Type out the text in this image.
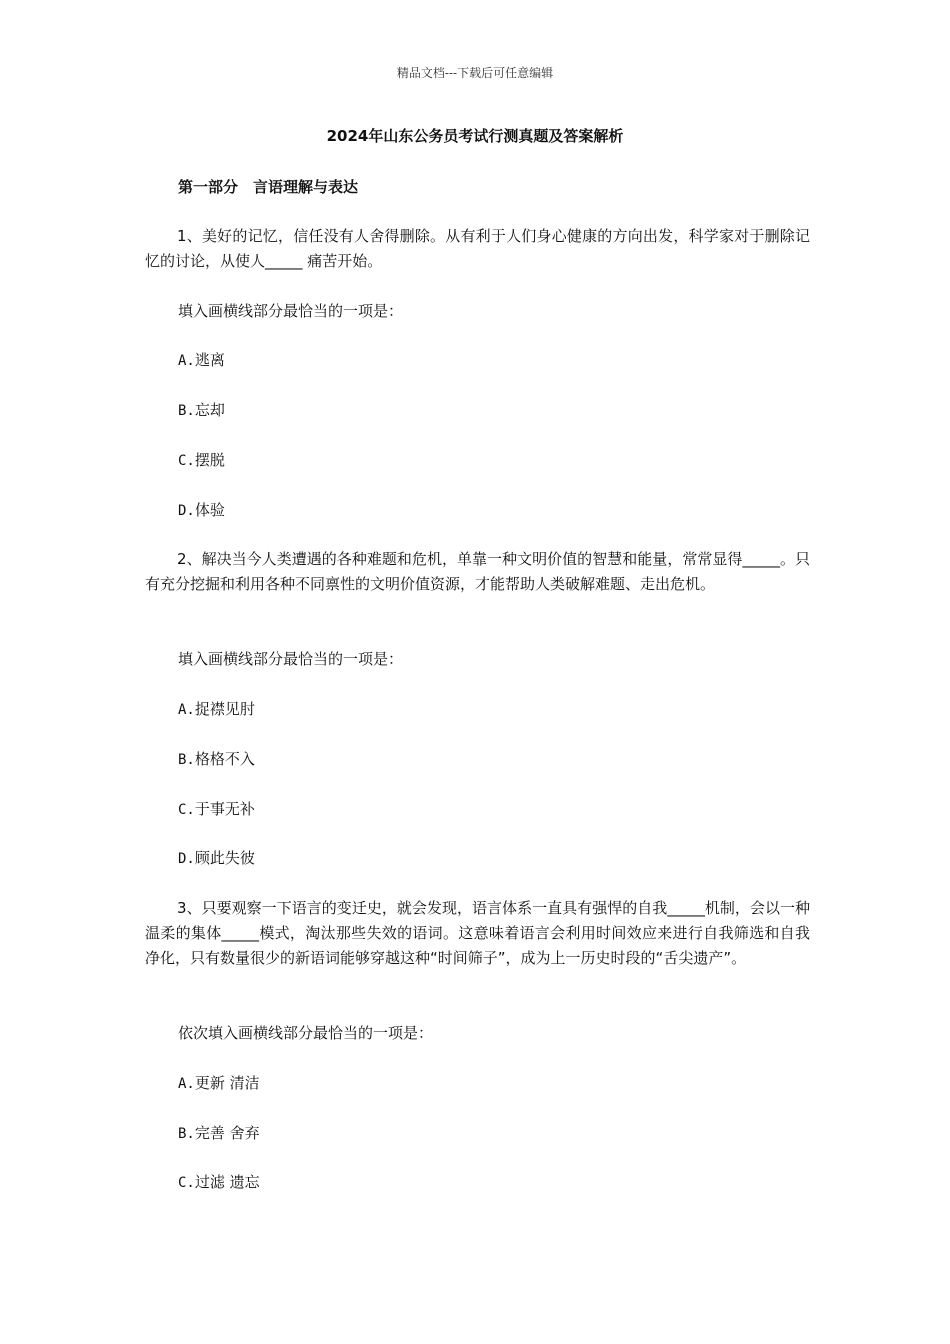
精品文档---下载后可任意编辑
2024年山东公务员考试行测真题及答案解析
第一部分　言语理解与表达
1、美好的记忆，信任没有人舍得删除。从有利于人们身心健康的方向出发，科学家对于删除记忆的讨论，从使人_____ 痛苦开始。
填入画横线部分最恰当的一项是：
A.逃离
B.忘却
C.摆脱
D.体验
2、解决当今人类遭遇的各种难题和危机，单靠一种文明价值的智慧和能量，常常显得_____。只有充分挖掘和利用各种不同禀性的文明价值资源，才能帮助人类破解难题、走出危机。
填入画横线部分最恰当的一项是：
A.捉襟见肘
B.格格不入
C.于事无补
D.顾此失彼
3、只要观察一下语言的变迁史，就会发现，语言体系一直具有强悍的自我_____机制，会以一种温柔的集体_____模式，淘汰那些失效的语词。这意味着语言会利用时间效应来进行自我筛选和自我净化，只有数量很少的新语词能够穿越这种“时间筛子”，成为上一历史时段的“舌尖遗产”。
依次填入画横线部分最恰当的一项是：
A.更新 清洁
B.完善 舍弃
C.过滤 遗忘
